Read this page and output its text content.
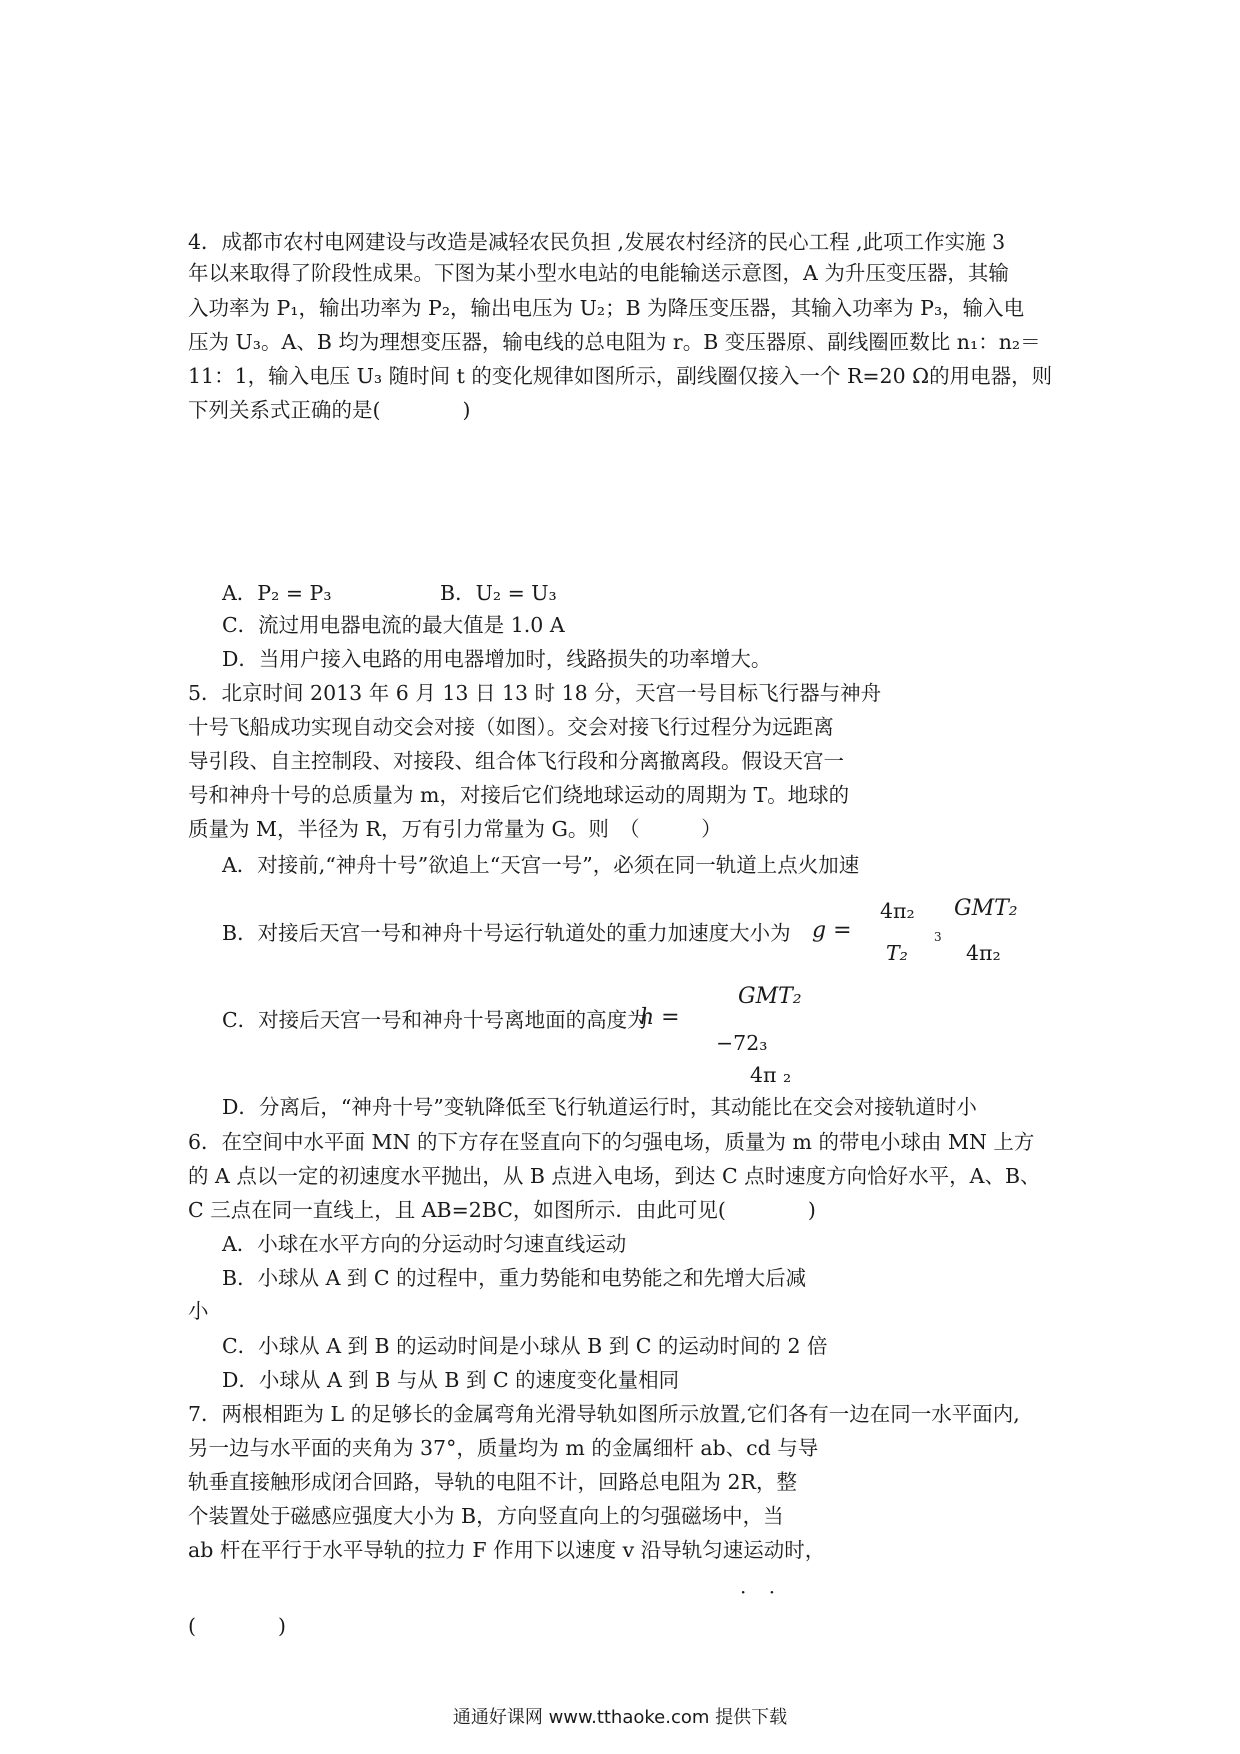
4．成都市农村电网建设与改造是减轻农民负担 ,发展农村经济的民心工程 ,此项工作实施 3
年以来取得了阶段性成果。下图为某小型水电站的电能输送示意图，A 为升压变压器，其输
入功率为 P₁，输出功率为 P₂，输出电压为 U₂；B 为降压变压器，其输入功率为 P₃，输入电
压为 U₃。A、B 均为理想变压器，输电线的总电阻为 r。B 变压器原、副线圈匝数比 n₁：n₂＝
11：1，输入电压 U₃ 随时间 t 的变化规律如图所示，副线圈仅接入一个 R=20 Ω的用电器，则
下列关系式正确的是(　　　　)
A．P₂ = P₃	B．U₂ = U₃
C．流过用电器电流的最大值是 1.0 A
D．当用户接入电路的用电器增加时，线路损失的功率增大。
5．北京时间 2013 年 6 月 13 日 13 时 18 分，天宫一号目标飞行器与神舟
十号飞船成功实现自动交会对接（如图）。交会对接飞行过程分为远距离
导引段、自主控制段、对接段、组合体飞行段和分离撤离段。假设天宫一
号和神舟十号的总质量为 m，对接后它们绕地球运动的周期为 T。地球的
质量为 M，半径为 R，万有引力常量为 G。则　（　　　）
A．对接前,“神舟十号”欲追上“天宫一号”，必须在同一轨道上点火加速
B．对接后天宫一号和神舟十号运行轨道处的重力加速度大小为 g =
4π₂
T₂
3
GMT₂
4π₂
C．对接后天宫一号和神舟十号离地面的高度为
h =
GMT₂
−72₃
4π ₂
D．分离后，“神舟十号”变轨降低至飞行轨道运行时，其动能比在交会对接轨道时小
6．在空间中水平面 MN 的下方存在竖直向下的匀强电场，质量为 m 的带电小球由 MN 上方
的 A 点以一定的初速度水平抛出，从 B 点进入电场，到达 C 点时速度方向恰好水平，A、B、
C 三点在同一直线上，且 AB=2BC，如图所示．由此可见(　　　　)
A．小球在水平方向的分运动时匀速直线运动
B．小球从 A 到 C 的过程中，重力势能和电势能之和先增大后减
小
C．小球从 A 到 B 的运动时间是小球从 B 到 C 的运动时间的 2 倍
D．小球从 A 到 B 与从 B 到 C 的速度变化量相同
7．两根相距为 L 的足够长的金属弯角光滑导轨如图所示放置,它们各有一边在同一水平面内,
另一边与水平面的夹角为 37°，质量均为 m 的金属细杆 ab、cd 与导
轨垂直接触形成闭合回路，导轨的电阻不计，回路总电阻为 2R，整
个装置处于磁感应强度大小为 B，方向竖直向上的匀强磁场中，当
ab 杆在平行于水平导轨的拉力 F 作用下以速度 v 沿导轨匀速运动时，
· ·
(　　　　)
通通好课网 www.tthaoke.com 提供下载
